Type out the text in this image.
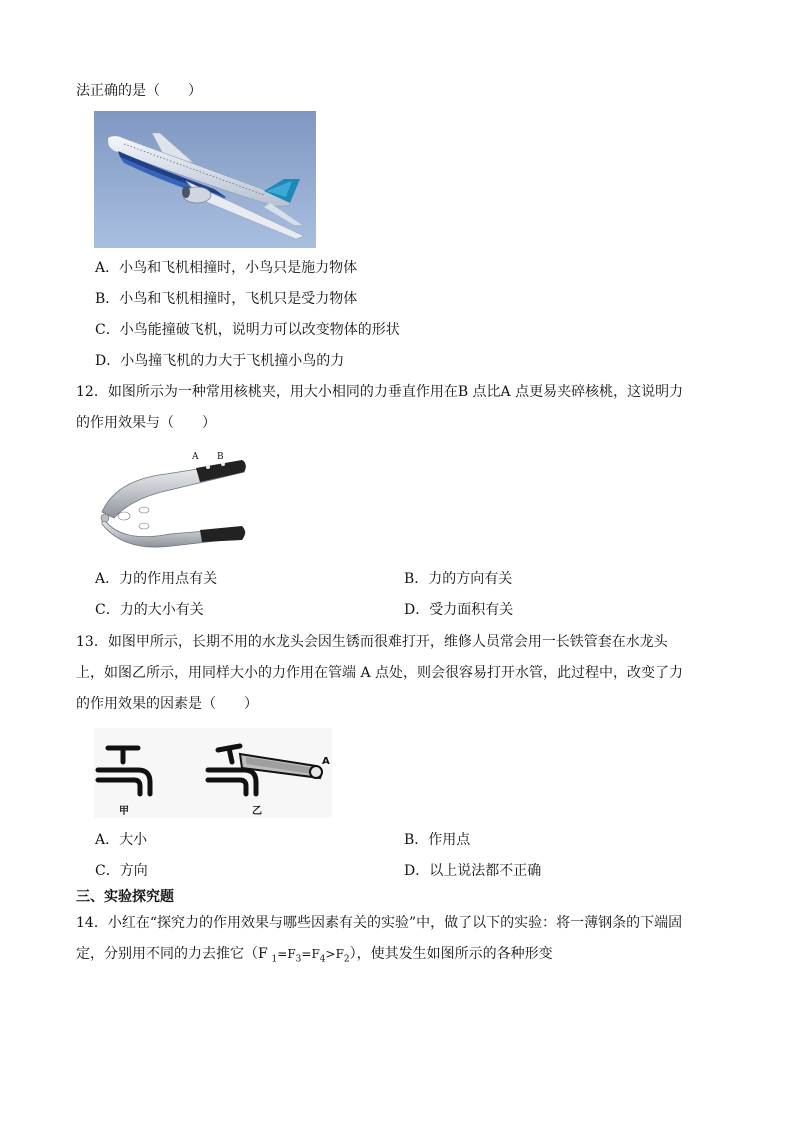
法正确的是（　　）
A．小鸟和飞机相撞时，小鸟只是施力物体
B．小鸟和飞机相撞时，飞机只是受力物体
C．小鸟能撞破飞机，说明力可以改变物体的形状
D．小鸟撞飞机的力大于飞机撞小鸟的力
12．如图所示为一种常用核桃夹，用大小相同的力垂直作用在B 点比A 点更易夹碎核桃，这说明力
的作用效果与（　　）
A B
A．力的作用点有关	B．力的方向有关
C．力的大小有关	D．受力面积有关
13．如图甲所示，长期不用的水龙头会因生锈而很难打开，维修人员常会用一长铁管套在水龙头
上，如图乙所示，用同样大小的力作用在管端 A 点处，则会很容易打开水管，此过程中，改变了力
的作用效果的因素是（　　）
甲
A
乙
A．大小	B．作用点
C．方向	D．以上说法都不正确
三、实验探究题
14．小红在“探究力的作用效果与哪些因素有关的实验”中，做了以下的实验：将一薄钢条的下端固
定，分别用不同的力去推它（F $_1=F_3=F_4>F_2$），使其发生如图所示的各种形变
